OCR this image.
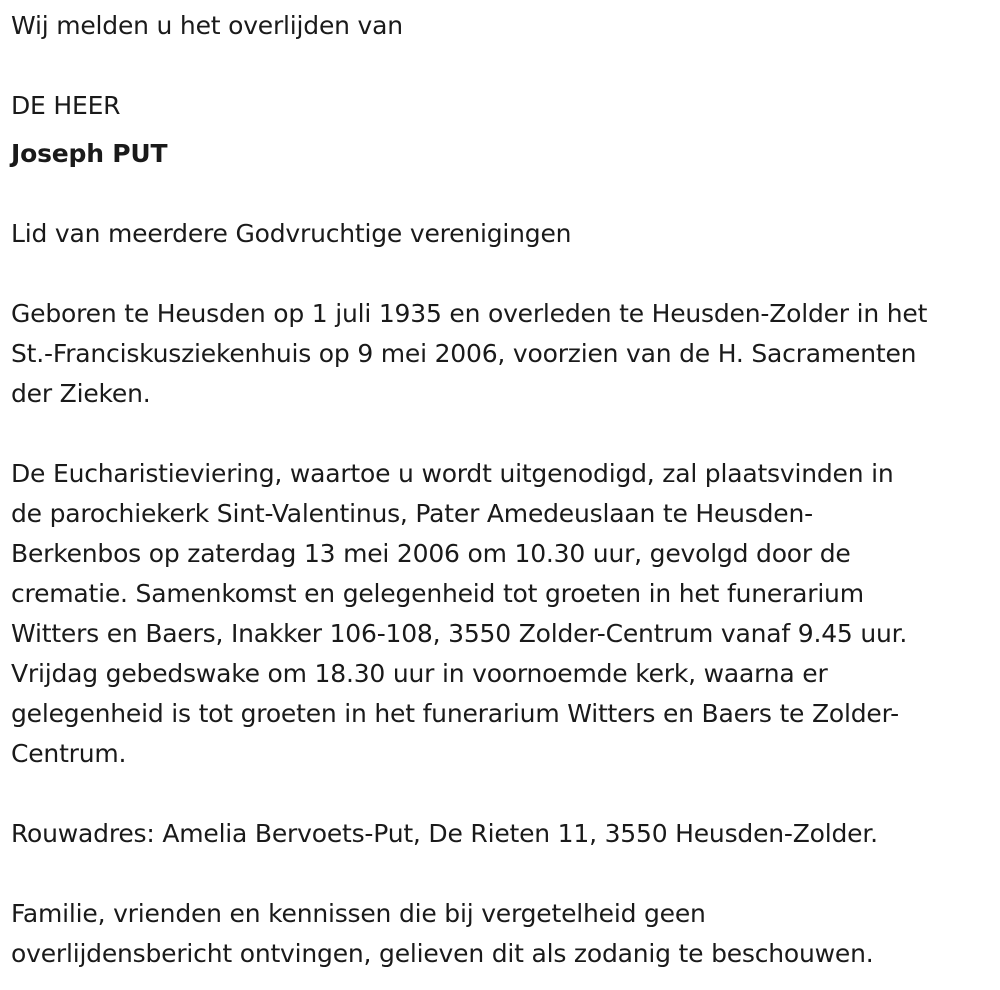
Wij melden u het overlijden van
DE HEER
Joseph PUT
Lid van meerdere Godvruchtige verenigingen
Geboren te Heusden op 1 juli 1935 en overleden te Heusden-Zolder in het
St.-Franciskusziekenhuis op 9 mei 2006, voorzien van de H. Sacramenten
der Zieken.
De Eucharistieviering, waartoe u wordt uitgenodigd, zal plaatsvinden in
de parochiekerk Sint-Valentinus, Pater Amedeuslaan te Heusden-
Berkenbos op zaterdag 13 mei 2006 om 10.30 uur, gevolgd door de
crematie. Samenkomst en gelegenheid tot groeten in het funerarium
Witters en Baers, Inakker 106-108, 3550 Zolder-Centrum vanaf 9.45 uur.
Vrijdag gebedswake om 18.30 uur in voornoemde kerk, waarna er
gelegenheid is tot groeten in het funerarium Witters en Baers te Zolder-
Centrum.
Rouwadres: Amelia Bervoets-Put, De Rieten 11, 3550 Heusden-Zolder.
Familie, vrienden en kennissen die bij vergetelheid geen
overlijdensbericht ontvingen, gelieven dit als zodanig te beschouwen.
